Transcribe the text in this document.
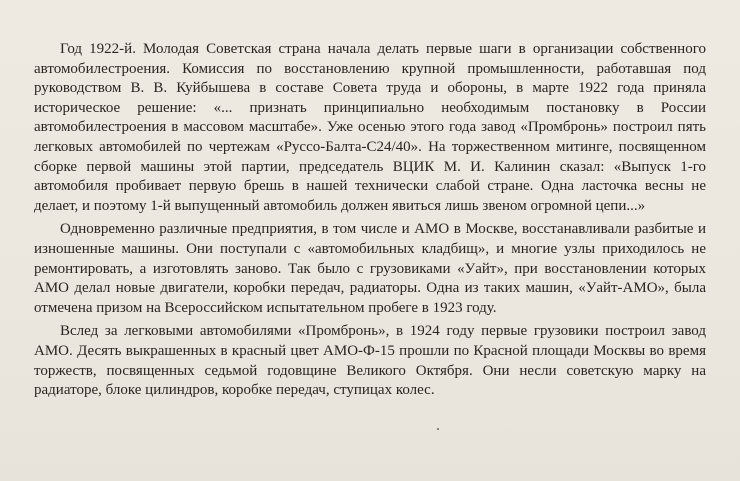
Год 1922-й. Молодая Советская страна начала делать первые шаги в организации собственного автомобилестроения. Комиссия по восстановлению крупной промышленности, работавшая под руководством В. В. Куйбышева в составе Совета труда и обороны, в марте 1922 года приняла историческое решение: «... признать принципиально необходимым постановку в России автомобилестроения в массовом масштабе». Уже осенью этого года завод «Промбронь» построил пять легковых автомобилей по чертежам «Руссо-Балта-С24/40». На торжественном митинге, посвященном сборке первой машины этой партии, председатель ВЦИК М. И. Калинин сказал: «Выпуск 1-го автомобиля пробивает первую брешь в нашей технически слабой стране. Одна ласточка весны не делает, и поэтому 1-й выпущенный автомобиль должен явиться лишь звеном огромной цепи...»

Одновременно различные предприятия, в том числе и АМО в Москве, восстанавливали разбитые и изношенные машины. Они поступали с «автомобильных кладбищ», и многие узлы приходилось не ремонтировать, а изготовлять заново. Так было с грузовиками «Уайт», при восстановлении которых АМО делал новые двигатели, коробки передач, радиаторы. Одна из таких машин, «Уайт-АМО», была отмечена призом на Всероссийском испытательном пробеге в 1923 году.

Вслед за легковыми автомобилями «Промбронь», в 1924 году первые грузовики построил завод АМО. Десять выкрашенных в красный цвет АМО-Ф-15 прошли по Красной площади Москвы во время торжеств, посвященных седьмой годовщине Великого Октября. Они несли советскую марку на радиаторе, блоке цилиндров, коробке передач, ступицах колес.
